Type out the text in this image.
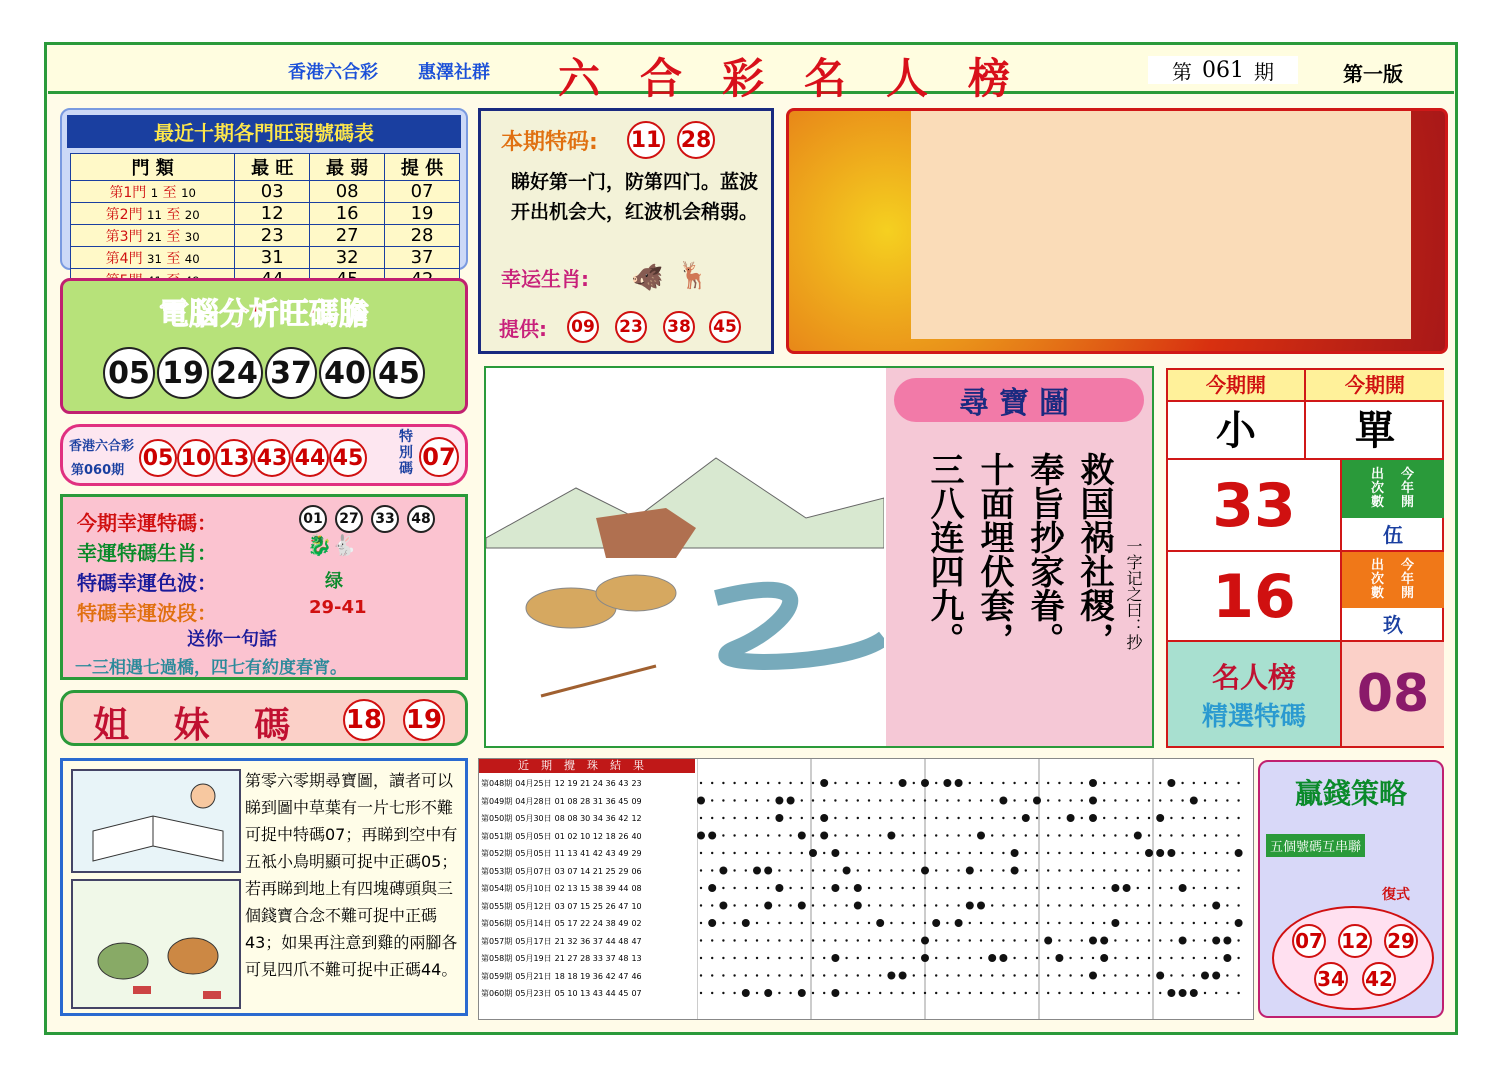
香港六合彩 惠澤社群 六合彩名人榜	第 061 期	第一版
最近十期各門旺弱號碼表
門 類	最 旺	最 弱	提 供
第1門 1 至 10	03	08	07
第2門 11 至 20	12	16	19
第3門 21 至 30	23	27	28
第4門 31 至 40	31	32	37

本期特码: 11 28
睇好第一门，防第四门。蓝波开出机会大，红波机会稍弱。
幸运生肖: 🐗 🦌
提供: 09 23 38 45
電腦分析旺碼膽
05 19 24 37 40 45
香港六合彩
第060期 05 10 13 43 44 45
特別碼 07
今期幸運特碼：	01	27	33	48
幸運特碼生肖：	🐉🐇
特碼幸運色波：	绿
特碼幸運波段：	29-41
送你一句話
一三相遇七過橋，四七有約度春宵。
姐 妹 碼 18 19
尋寶圖
救国祸社稷，
奉旨抄家眷。
十面埋伏套，
三八连四九。	一字记之曰：抄
今期開	今期開
小	單
33	出次數
今年開
伍
16	出次數
今年開
玖
名人榜
精選特碼 08
第零六零期尋寶圖，讀者可以睇到圖中草葉有一片七形不難可捉中特碼07；再睇到空中有五袛小鳥明顯可捉中正碼05；若再睇到地上有四塊磚頭與三個錢寶合念不難可捉中正碼43；如果再注意到雞的兩腳各可見四爪不難可捉中正碼44。
近期攪珠結果
第048期 04月25日 12 19 21 24 36 43 23
第049期 04月28日 01 08 28 31 36 45 09
第050期 05月30日 08 08 30 34 36 42 12
第051期 05月05日 01 02 10 12 18 26 40
第052期 05月05日 11 13 41 42 43 49 29
第053期 05月07日 03 07 14 21 25 29 06
第054期 05月10日 02 13 15 38 39 44 08
第055期 05月12日 03 07 15 25 26 47 10
第056期 05月14日 05 17 22 24 38 49 02
第057期 05月17日 21 32 36 37 44 48 47
第058期 05月19日 21 27 28 33 37 48 13
第059期 05月21日 18 18 19 36 42 47 46
第060期 05月23日 05 10 13 43 44 45 07
贏錢策略
五個號碼互串聯
復式
07 12 29
34 42
